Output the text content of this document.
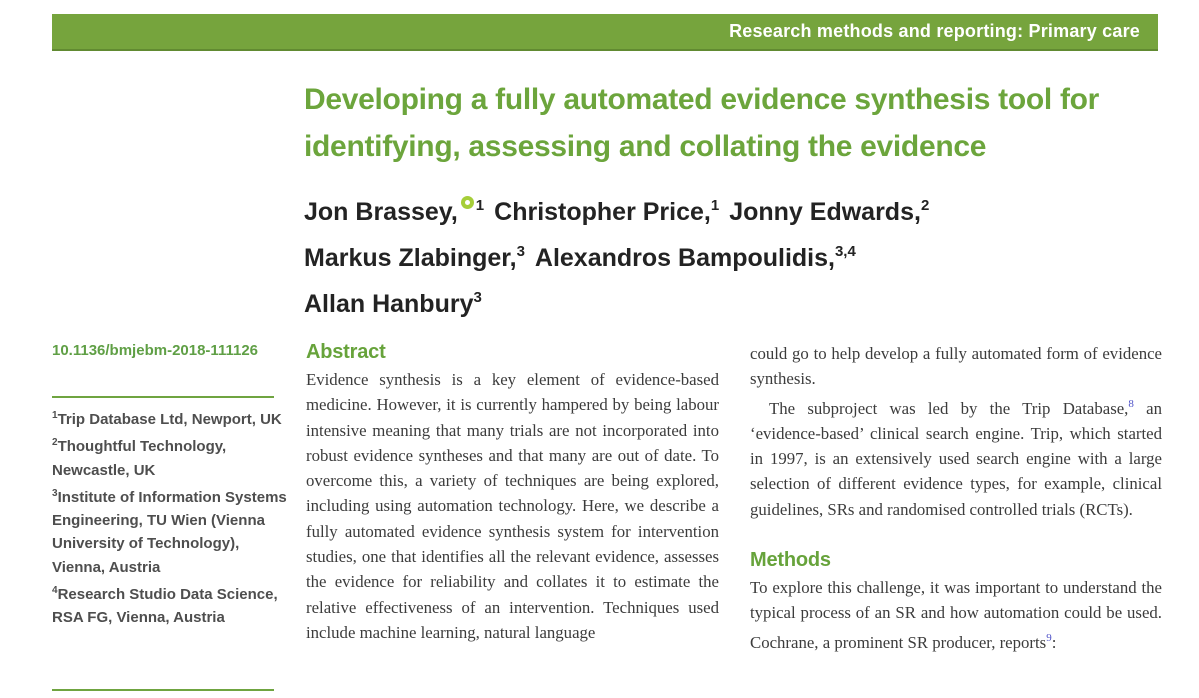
Research methods and reporting: Primary care
Developing a fully automated evidence synthesis tool for identifying, assessing and collating the evidence
Jon Brassey, $^1$ Christopher Price,$^1$ Jonny Edwards,$^2$
Markus Zlabinger,$^3$ Alexandros Bampoulidis,$^{3,4}$
Allan Hanbury$^3$
10.1136/bmjebm-2018-111126
$^1$Trip Database Ltd, Newport, UK
$^2$Thoughtful Technology, Newcastle, UK
$^3$Institute of Information Systems Engineering, TU Wien (Vienna University of Technology), Vienna, Austria
$^4$Research Studio Data Science, RSA FG, Vienna, Austria
Abstract

Evidence synthesis is a key element of evidence-based medicine. However, it is currently hampered by being labour intensive meaning that many trials are not incorporated into robust evidence syntheses and that many are out of date. To overcome this, a variety of techniques are being explored, including using automation technology. Here, we describe a fully automated evidence synthesis system for intervention studies, one that identifies all the relevant evidence, assesses the evidence for reliability and collates it to estimate the relative effectiveness of an intervention. Techniques used include machine learning, natural language

could go to help develop a fully automated form of evidence synthesis.

The subproject was led by the Trip Database,$^8$ an ‘evidence-based’ clinical search engine. Trip, which started in 1997, is an extensively used search engine with a large selection of different evidence types, for example, clinical guidelines, SRs and randomised controlled trials (RCTs).

Methods

To explore this challenge, it was important to understand the typical process of an SR and how automation could be used. Cochrane, a prominent SR producer, reports$^9$:
